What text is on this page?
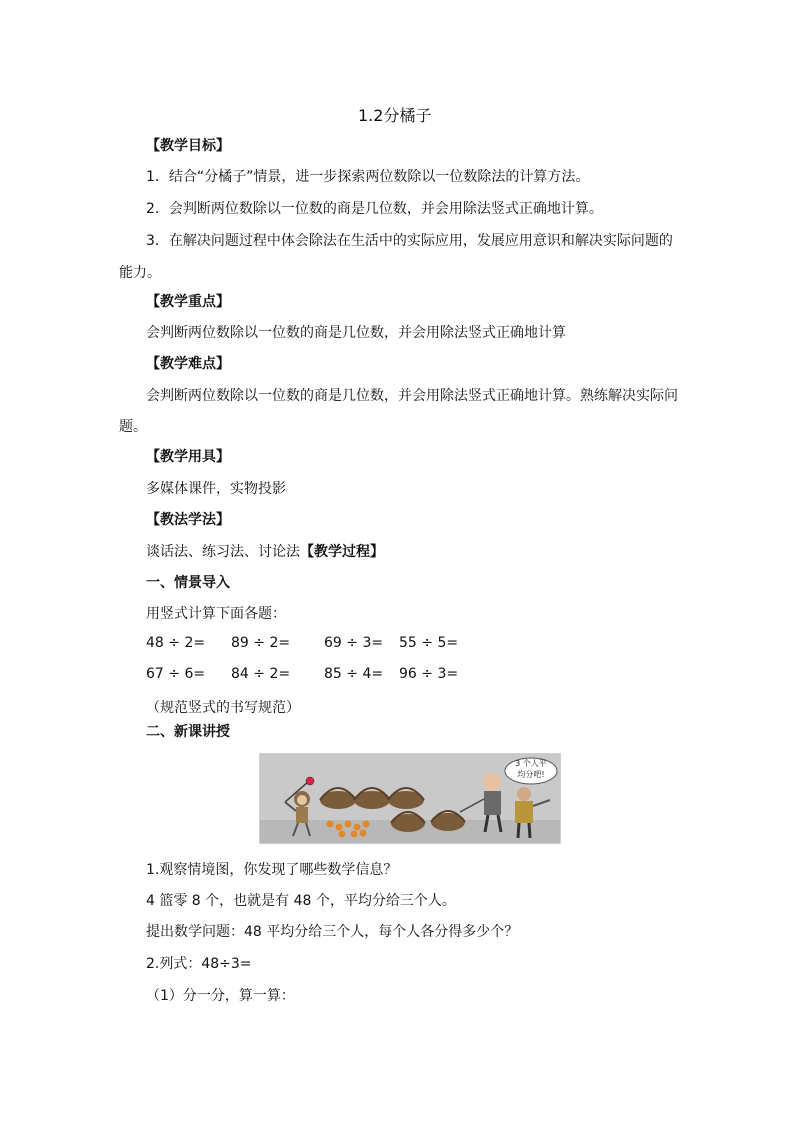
1.2分橘子
【教学目标】
1．结合“分橘子”情景，进一步探索两位数除以一位数除法的计算方法。
2．会判断两位数除以一位数的商是几位数，并会用除法竖式正确地计算。
3．在解决问题过程中体会除法在生活中的实际应用，发展应用意识和解决实际问题的
能力。
【教学重点】
会判断两位数除以一位数的商是几位数，并会用除法竖式正确地计算
【教学难点】
会判断两位数除以一位数的商是几位数，并会用除法竖式正确地计算。熟练解决实际问
题。
【教学用具】
多媒体课件，实物投影
【教法学法】
谈话法、练习法、讨论法【教学过程】
一、情景导入
用竖式计算下面各题：
48 ÷ 2= 89 ÷ 2= 69 ÷ 3= 55 ÷ 5=
67 ÷ 6= 84 ÷ 2= 85 ÷ 4= 96 ÷ 3=
（规范竖式的书写规范）
二、新课讲授
3 个人平
均分吧!
1.观察情境图，你发现了哪些数学信息？
4 篮零 8 个，也就是有 48 个，平均分给三个人。
提出数学问题：48 平均分给三个人，每个人各分得多少个？
2.列式：48÷3=
（1）分一分，算一算：
